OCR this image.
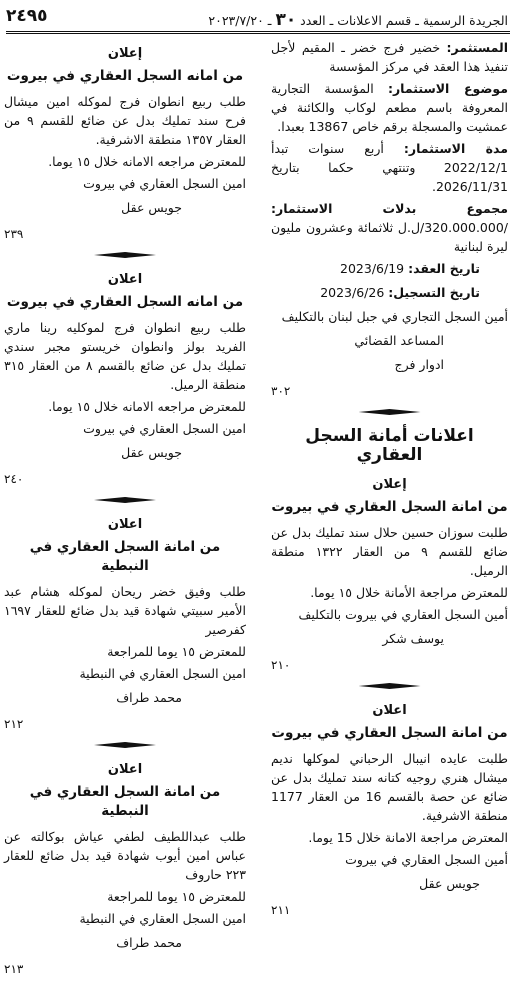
٢٤٩٥	الجريدة الرسمية ـ قسم الاعلانات ـ العدد ٣٠ ـ ٢٠٢٣/٧/٢٠

المستثمر: خضير فرج خضر ـ المقيم لأجل تنفيذ هذا العقد في مركز المؤسسة

موضوع الاستثمار: المؤسسة التجارية المعروفة باسم مطعم لوكاب والكائنة في عمشيت والمسجلة برقم خاص 13867 بعبدا.

مدة الاستثمار: أربع سنوات تبدأ 2022/12/1 وتنتهي حكما بتاريخ 2026/11/31.

مجموع بدلات الاستثمار: /320.000.000/ل.ل ثلاثمائة وعشرون مليون ليرة لبنانية

تاريخ العقد: 2023/6/19

تاريخ التسجيل: 2023/6/26

أمين السجل التجاري في جبل لبنان بالتكليف

المساعد القضائي

ادوار فرج

٣٠٢
اعلانات أمانة السجل العقاري
إعلان
من امانة السجل العقاري في بيروت

طلبت سوزان حسين حلال سند تمليك بدل عن ضائع للقسم ٩ من العقار ١٣٢٢ منطقة الرميل.

للمعترض مراجعة الأمانة خلال ١٥ يوما.

أمين السجل العقاري في بيروت بالتكليف

يوسف شكر

٢١٠
اعلان
من امانة السجل العقاري في بيروت

طلبت عايده انيبال الرحباني لموكلها نديم ميشال هنري روجيه كتانه سند تمليك بدل عن ضائع عن حصة بالقسم 16 من العقار 1177 منطقة الاشرفية.

المعترض مراجعة الامانة خلال 15 يوما.

أمين السجل العقاري في بيروت

جويس عقل

٢١١
إعلان
من امانه السجل العقاري في بيروت

طلب ربيع انطوان فرج لموكله امين ميشال فرح سند تمليك بدل عن ضائع للقسم ٩ من العقار ١٣٥٧ منطقة الاشرفية.

للمعترض مراجعه الامانه خلال ١٥ يوما.

امين السجل العقاري في بيروت

جويس عقل

٢٣٩
اعلان
من امانه السجل العقاري في بيروت

طلب ربيع انطوان فرج لموكليه رينا ماري الفريد بولز وانطوان خريستو مجبر سندي تمليك بدل عن ضائع بالقسم ٨ من العقار ٣١٥ منطقة الرميل.

للمعترض مراجعه الامانه خلال ١٥ يوما.

امين السجل العقاري في بيروت

جويس عقل

٢٤٠
اعلان
من امانة السجل العقاري في النبطية

طلب وفيق خضر ريحان لموكله هشام عبد الأمير سبيتي شهادة قيد بدل ضائع للعقار ١٦٩٧ كفرصير

للمعترض ١٥ يوما للمراجعة

امين السجل العقاري في النبطية

محمد طراف

٢١٢
اعلان
من امانة السجل العقاري في النبطية

طلب عبداللطيف لطفي عياش بوكالته عن عباس امين أيوب شهادة قيد بدل ضائع للعقار ٢٢٣ حاروف

للمعترض ١٥ يوما للمراجعة

امين السجل العقاري في النبطية

محمد طراف

٢١٣
